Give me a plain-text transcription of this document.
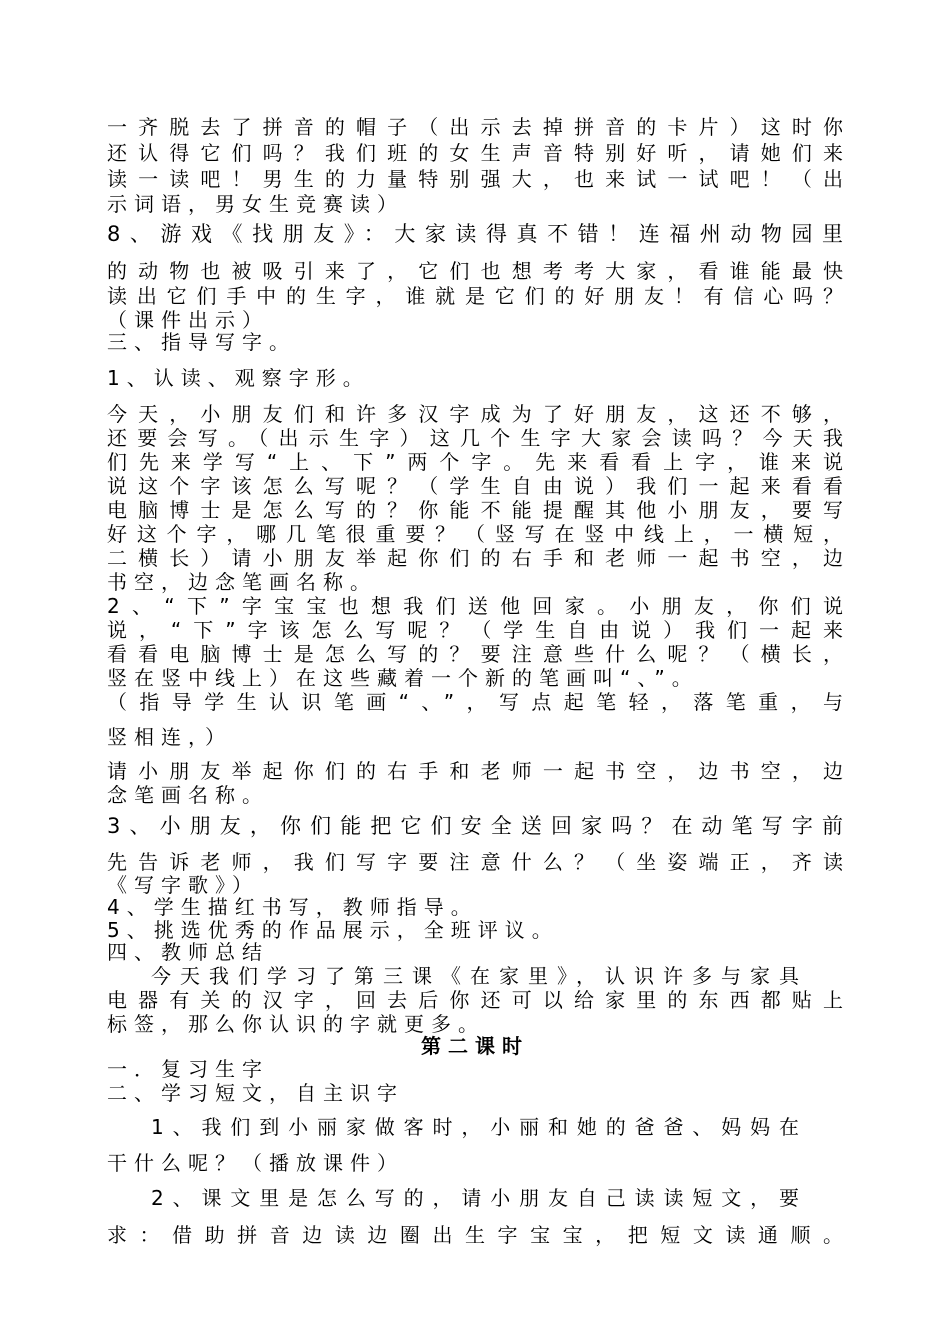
一齐脱去了拼音的帽子（出示去掉拼音的卡片）这时你
还认得它们吗？我们班的女生声音特别好听，请她们来
读一读吧！男生的力量特别强大，也来试一试吧！（出
示词语，男女生竞赛读）
8、游戏《找朋友》：大家读得真不错！连福州动物园里
的动物也被吸引来了，它们也想考考大家，看谁能最快
读出它们手中的生字，谁就是它们的好朋友！有信心吗？
（课件出示）
三、指导写字。
1、认读、观察字形。
今天，小朋友们和许多汉字成为了好朋友，这还不够，
还要会写。（出示生字）这几个生字大家会读吗？今天我
们先来学写“上、下”两个字。先来看看上字，谁来说
说这个字该怎么写呢？（学生自由说）我们一起来看看
电脑博士是怎么写的？你能不能提醒其他小朋友，要写
好这个字，哪几笔很重要？（竖写在竖中线上，一横短，
二横长）请小朋友举起你们的右手和老师一起书空，边
书空，边念笔画名称。
2、“下”字宝宝也想我们送他回家。小朋友，你们说
说，“下”字该怎么写呢？（学生自由说）我们一起来
看看电脑博士是怎么写的？要注意些什么呢？（横长，
竖在竖中线上）在这些藏着一个新的笔画叫“、”。
（指导学生认识笔画“、”，写点起笔轻，落笔重，与
竖相连，）
请小朋友举起你们的右手和老师一起书空，边书空，边
念笔画名称。
3、小朋友，你们能把它们安全送回家吗？在动笔写字前
先告诉老师，我们写字要注意什么？（坐姿端正，齐读
《写字歌》）
4、学生描红书写，教师指导。
5、挑选优秀的作品展示，全班评议。
四、教师总结
今天我们学习了第三课《在家里》，认识许多与家具
电器有关的汉字，回去后你还可以给家里的东西都贴上
标签，那么你认识的字就更多。
第二课时
一．复习生字
二、学习短文，自主识字
1、我们到小丽家做客时，小丽和她的爸爸、妈妈在
干什么呢？（播放课件）
2、课文里是怎么写的，请小朋友自己读读短文，要
求：借助拼音边读边圈出生字宝宝，把短文读通顺。
